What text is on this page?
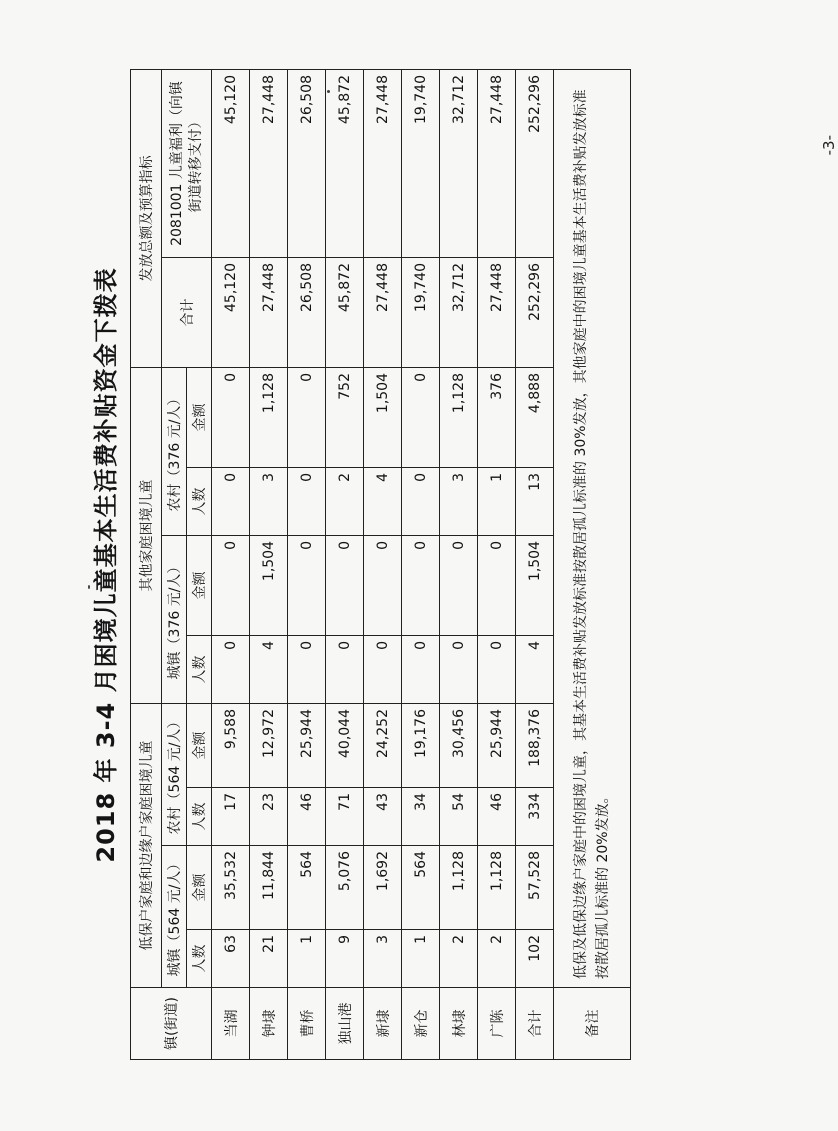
2018 年 3-4 月困境儿童基本生活费补贴资金下拨表
镇(街道)	低保户家庭和边缘户家庭困境儿童				其他家庭困境儿童				发放总额及预算指标	
	城镇（564 元/人）		农村（564 元/人）		城镇（376 元/人）		农村（376 元/人）		合计	2081001 儿童福利（向镇街道转移支付）
	人数	金额	人数	金额	人数	金额	人数	金额		
当湖	63	35,532	17	9,588	0	0	0	0	45,120	45,120
钟埭	21	11,844	23	12,972	4	1,504	3	1,128	27,448	27,448
曹桥	1	564	46	25,944	0	0	0	0	26,508	26,508
独山港	9	5,076	71	40,044	0	0	2	752	45,872	45,872
新埭	3	1,692	43	24,252	0	0	4	1,504	27,448	27,448
新仓	1	564	34	19,176	0	0	0	0	19,740	19,740
林埭	2	1,128	54	30,456	0	0	3	1,128	32,712	32,712
广陈	2	1,128	46	25,944	0	0	1	376	27,448	27,448
合计	102	57,528	334	188,376	4	1,504	13	4,888	252,296	252,296
备注	低保及低保边缘户家庭中的困境儿童，其基本生活费补贴发放标准按散居孤儿标准的 30%发放，其他家庭中的困境儿童基本生活费补贴发放标准按散居孤儿标准的 20%发放。									
-3-
